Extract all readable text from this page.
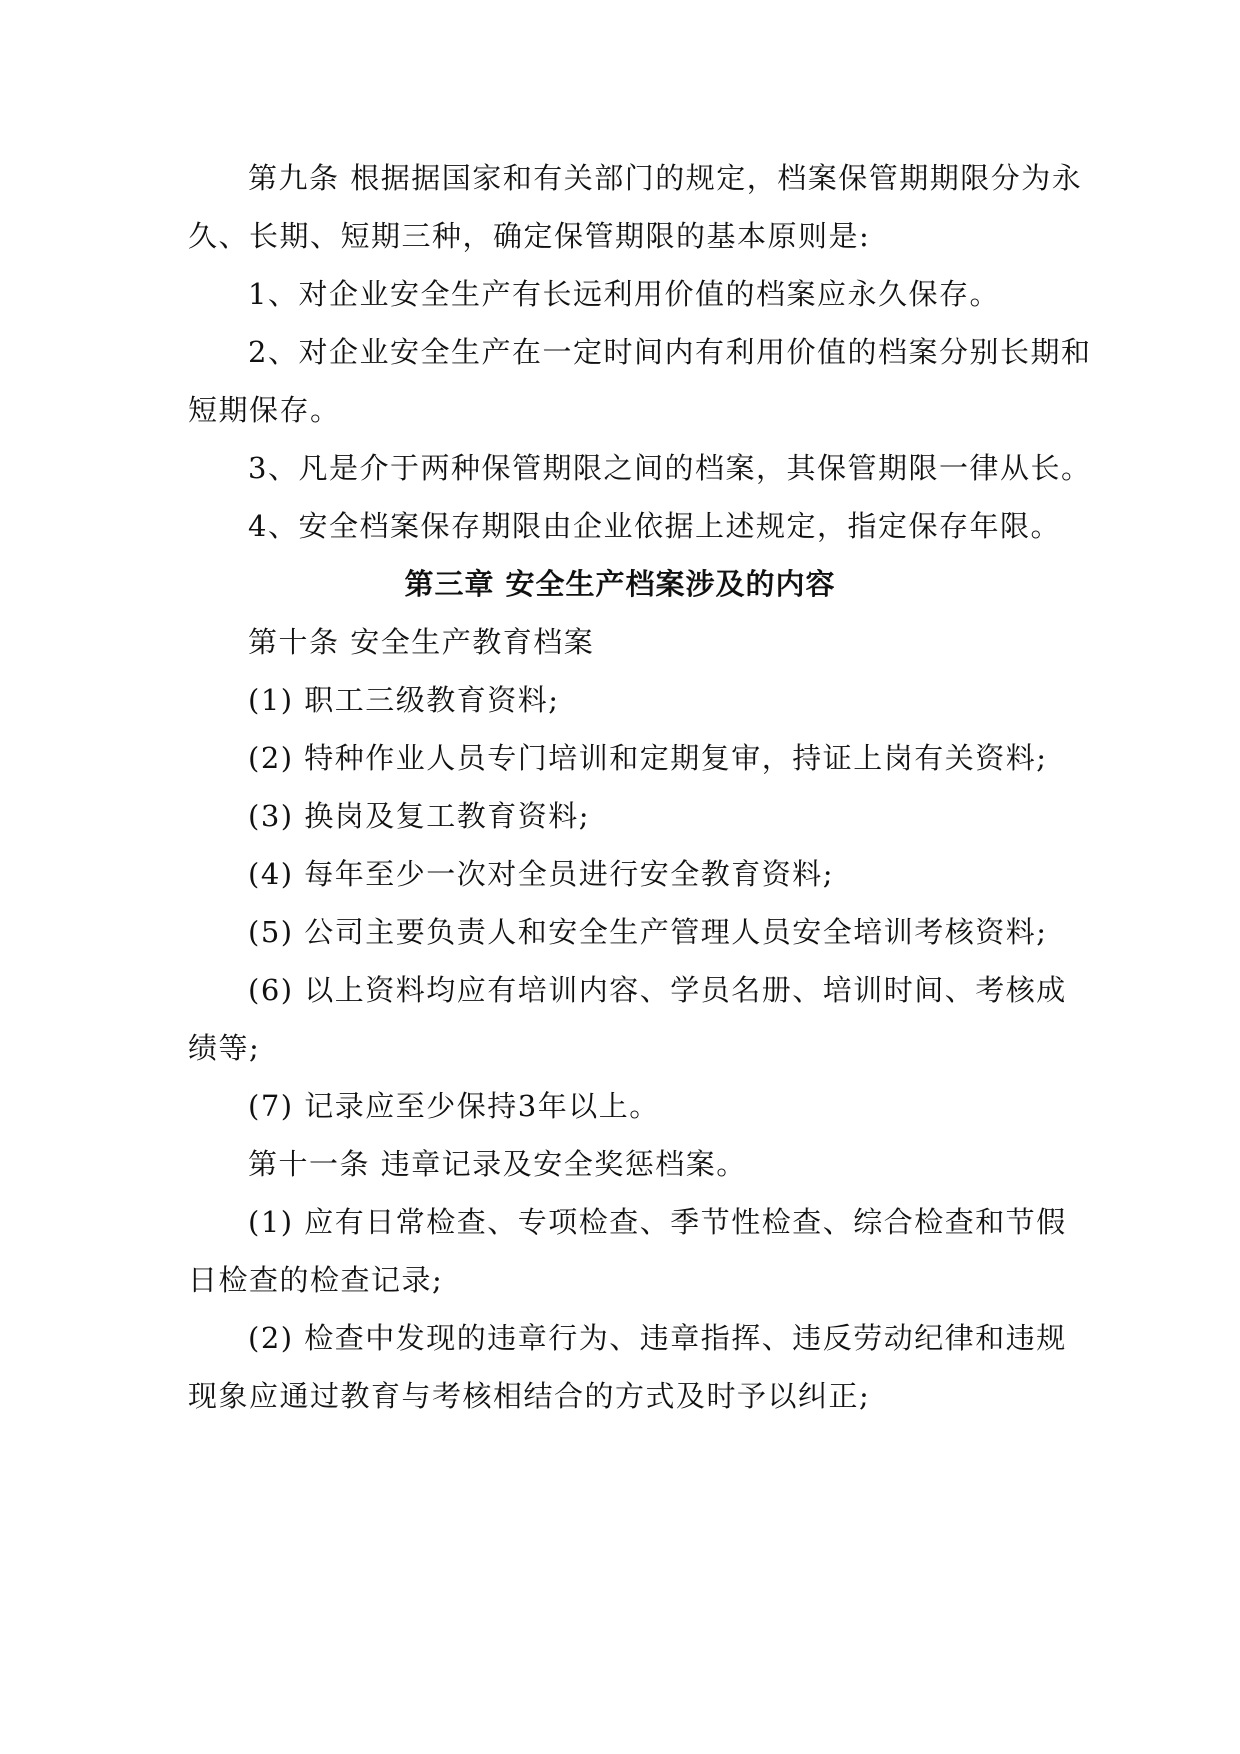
第九条 根据据国家和有关部门的规定，档案保管期期限分为永
久、长期、短期三种，确定保管期限的基本原则是:
1、对企业安全生产有长远利用价值的档案应永久保存。
2、对企业安全生产在一定时间内有利用价值的档案分别长期和
短期保存。
3、凡是介于两种保管期限之间的档案，其保管期限一律从长。
4、安全档案保存期限由企业依据上述规定，指定保存年限。
第三章 安全生产档案涉及的内容
第十条 安全生产教育档案
(1) 职工三级教育资料;
(2) 特种作业人员专门培训和定期复审，持证上岗有关资料;
(3) 换岗及复工教育资料;
(4) 每年至少一次对全员进行安全教育资料;
(5) 公司主要负责人和安全生产管理人员安全培训考核资料;
(6) 以上资料均应有培训内容、学员名册、培训时间、考核成
绩等;
(7) 记录应至少保持3年以上。
第十一条 违章记录及安全奖惩档案。
(1) 应有日常检查、专项检查、季节性检查、综合检查和节假
日检查的检查记录;
(2) 检查中发现的违章行为、违章指挥、违反劳动纪律和违规
现象应通过教育与考核相结合的方式及时予以纠正;
